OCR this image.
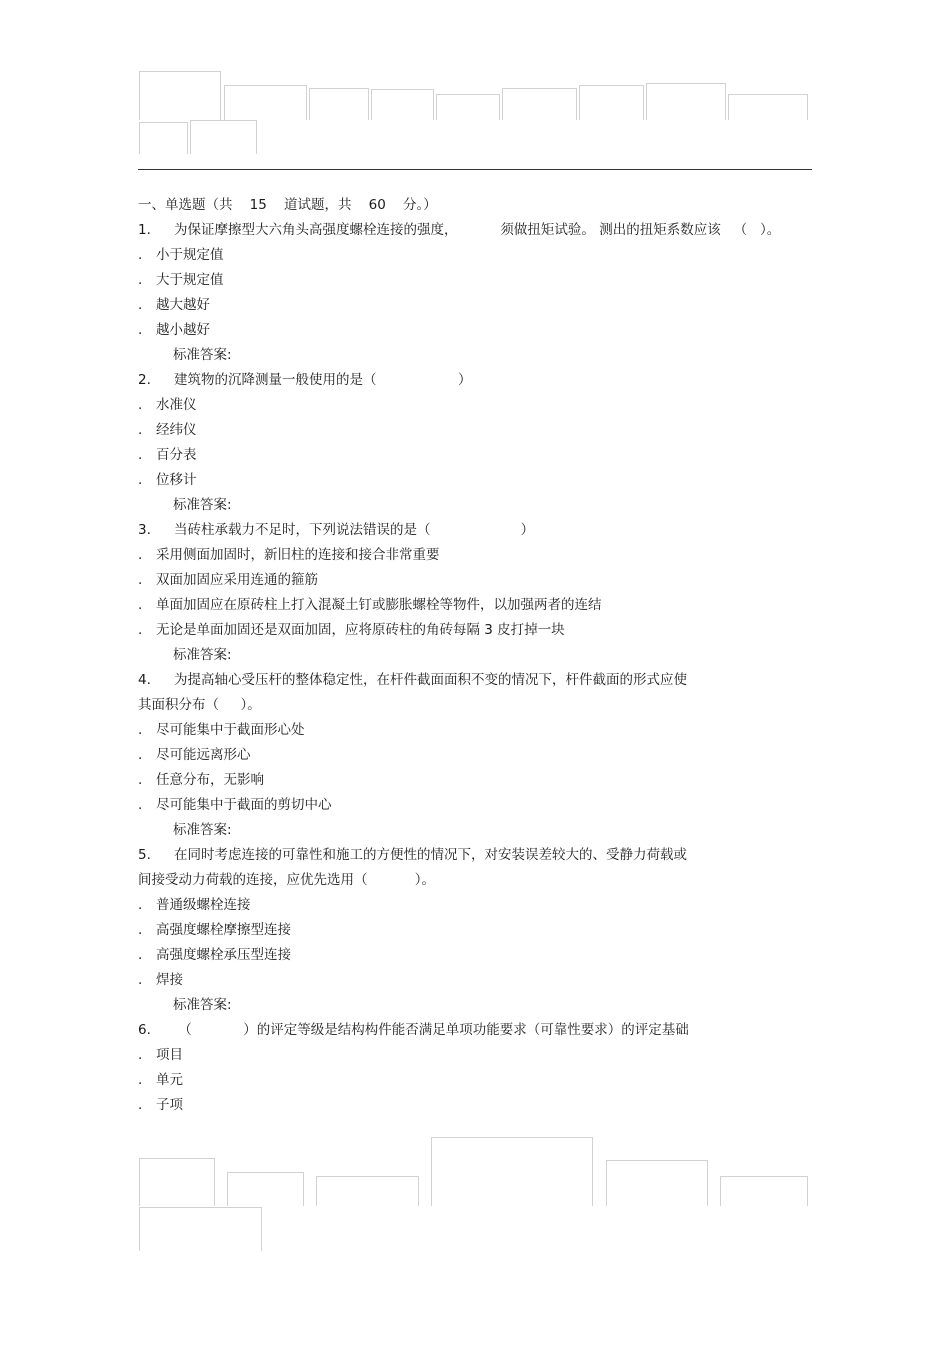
一、单选题（共    15    道试题，共    60    分。）
1. 为保证摩擦型大六角头高强度螺栓连接的强度，          须做扭矩试验。 测出的扭矩系数应该   （   ）。
. 小于规定值
. 大于规定值
. 越大越好
. 越小越好
标准答案:
2. 建筑物的沉降测量一般使用的是（                   ）
. 水准仪
. 经纬仪
. 百分表
. 位移计
标准答案:
3. 当砖柱承载力不足时，下列说法错误的是（                     ）
. 采用侧面加固时，新旧柱的连接和接合非常重要
. 双面加固应采用连通的箍筋
. 单面加固应在原砖柱上打入混凝土钉或膨胀螺栓等物件，以加强两者的连结
. 无论是单面加固还是双面加固，应将原砖柱的角砖每隔 3 皮打掉一块
标准答案:
4. 为提高轴心受压杆的整体稳定性，在杆件截面面积不变的情况下，杆件截面的形式应使
其面积分布（     ）。
. 尽可能集中于截面形心处
. 尽可能远离形心
. 任意分布，无影响
. 尽可能集中于截面的剪切中心
标准答案:
5. 在同时考虑连接的可靠性和施工的方便性的情况下，对安装误差较大的、受静力荷载或
间接受动力荷载的连接，应优先选用（           ）。
. 普通级螺栓连接
. 高强度螺栓摩擦型连接
. 高强度螺栓承压型连接
. 焊接
标准答案:
6. （            ）的评定等级是结构构件能否满足单项功能要求（可靠性要求）的评定基础
. 项目
. 单元
. 子项
